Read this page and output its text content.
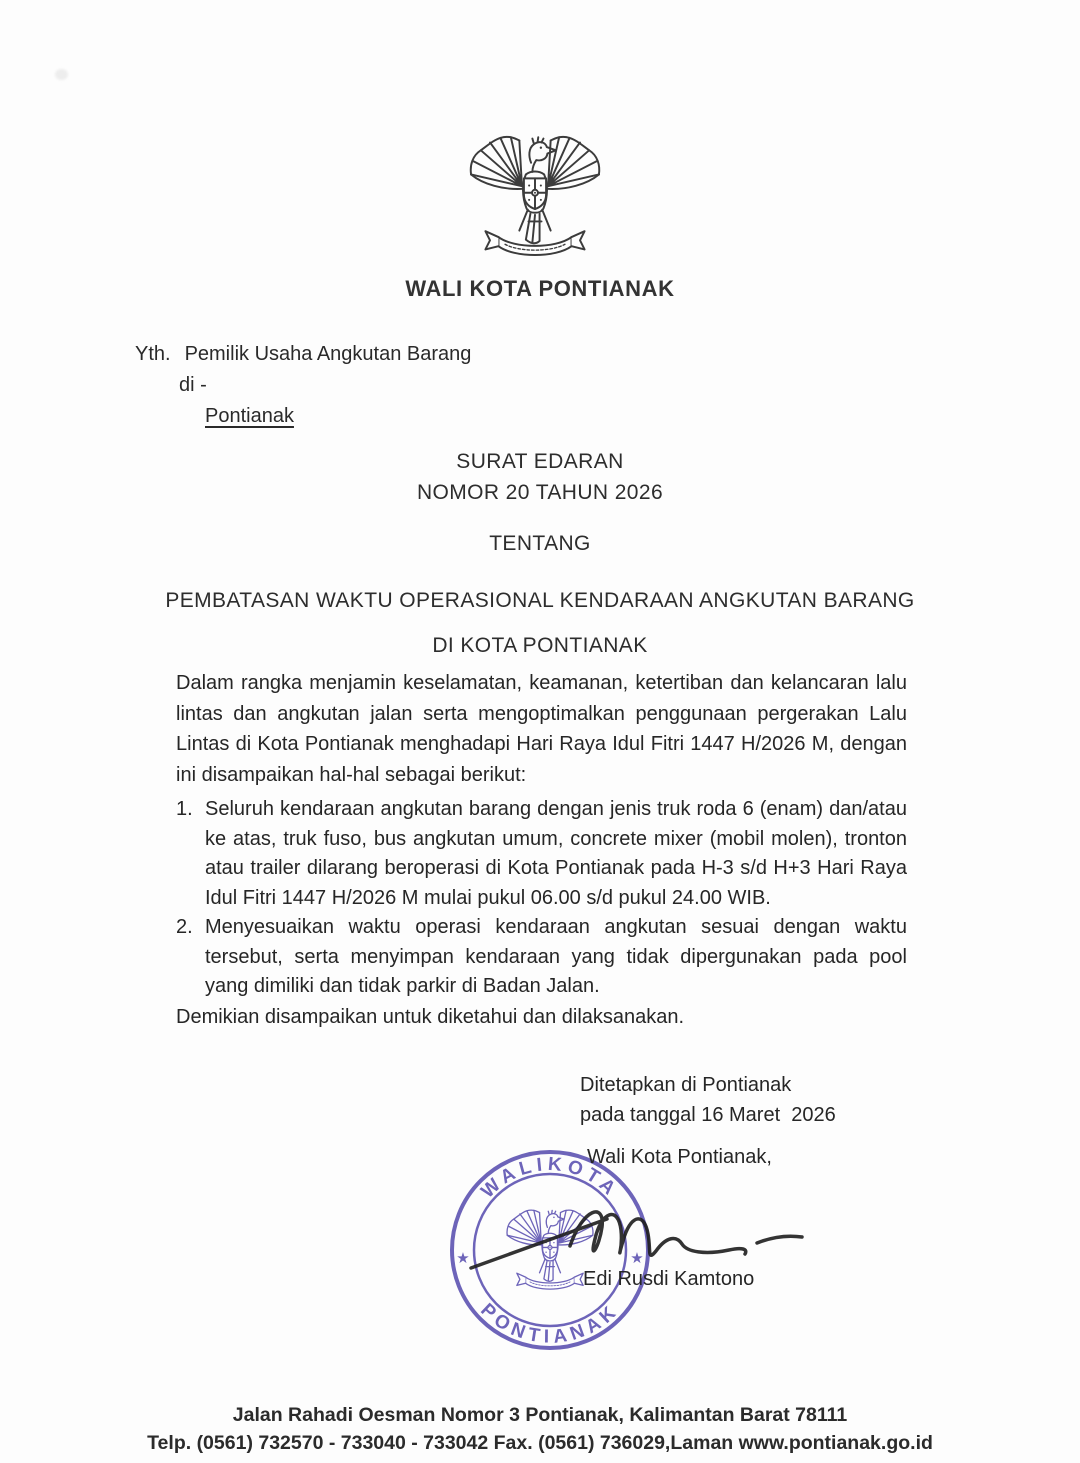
WALI KOTA PONTIANAK
Yth. Pemilik Usaha Angkutan Barang
di -
Pontianak
SURAT EDARAN
NOMOR 20 TAHUN 2026
TENTANG
PEMBATASAN WAKTU OPERASIONAL KENDARAAN ANGKUTAN BARANG
DI KOTA PONTIANAK

Dalam rangka menjamin keselamatan, keamanan, ketertiban dan kelancaran lalu lintas dan angkutan jalan serta mengoptimalkan penggunaan pergerakan Lalu Lintas di Kota Pontianak menghadapi Hari Raya Idul Fitri 1447 H/2026 M, dengan ini disampaikan hal-hal sebagai berikut:

1. Seluruh kendaraan angkutan barang dengan jenis truk roda 6 (enam) dan/atau ke atas, truk fuso, bus angkutan umum, concrete mixer (mobil molen), tronton atau trailer dilarang beroperasi di Kota Pontianak pada H-3 s/d H+3 Hari Raya Idul Fitri 1447 H/2026 M mulai pukul 06.00 s/d pukul 24.00 WIB.
2. Menyesuaikan waktu operasi kendaraan angkutan sesuai dengan waktu tersebut, serta menyimpan kendaraan yang tidak dipergunakan pada pool yang dimiliki dan tidak parkir di Badan Jalan.

Demikian disampaikan untuk diketahui dan dilaksanakan.

Ditetapkan di Pontianak
pada tanggal 16 Maret  2026
WALIKOTA
PONTIANAK
★	★
Wali Kota Pontianak,
Edi Rusdi Kamtono
Jalan Rahadi Oesman Nomor 3 Pontianak, Kalimantan Barat 78111
Telp. (0561) 732570 - 733040 - 733042 Fax. (0561) 736029,Laman www.pontianak.go.id
